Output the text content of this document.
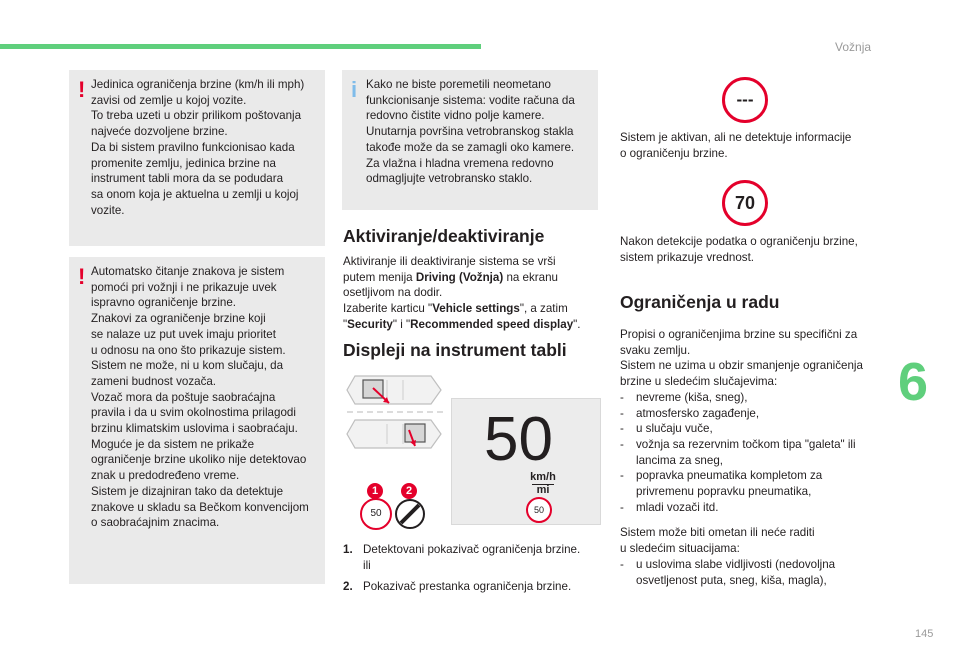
Vožnja
6
145
! Jedinica ograničenja brzine (km/h ili mph)

zavisi od zemlje u kojoj vozite.

To treba uzeti u obzir prilikom poštovanja

najveće dozvoljene brzine.

Da bi sistem pravilno funkcionisao kada

promenite zemlju, jedinica brzine na

instrument tabli mora da se podudara

sa onom koja je aktuelna u zemlji u kojoj

vozite.

! Automatsko čitanje znakova je sistem

pomoći pri vožnji i ne prikazuje uvek

ispravno ograničenje brzine.

Znakovi za ograničenje brzine koji

se nalaze uz put uvek imaju prioritet

u odnosu na ono što prikazuje sistem.

Sistem ne može, ni u kom slučaju, da

zameni budnost vozača.

Vozač mora da poštuje saobraćajna

pravila i da u svim okolnostima prilagodi

brzinu klimatskim uslovima i saobraćaju.

Moguće je da sistem ne prikaže

ograničenje brzine ukoliko nije detektovao

znak u predodređeno vreme.

Sistem je dizajniran tako da detektuje

znakove u skladu sa Bečkom konvencijom

o saobraćajnim znacima.

i Kako ne biste poremetili neometano

funkcionisanje sistema: vodite računa da

redovno čistite vidno polje kamere.

Unutarnja površina vetrobranskog stakla

takođe može da se zamagli oko kamere.

Za vlažna i hladna vremena redovno

odmagljujte vetrobransko staklo.

Aktiviranje/deaktiviranje

Aktiviranje ili deaktiviranje sistema se vrši

putem menija Driving (Vožnja) na ekranu

osetljivom na dodir.

Izaberite karticu "Vehicle settings", a zatim

"Security" i "Recommended speed display".

Displeji na instrument tabli
1	2
50
50
km/h
mi
50
1. Detektovani pokazivač ograničenja brzine.
ili
2. Pokazivač prestanka ograničenja brzine.
---

Sistem je aktivan, ali ne detektuje informacije

o ograničenju brzine.

70

Nakon detekcije podatka o ograničenju brzine,

sistem prikazuje vrednost.

Ograničenja u radu

Propisi o ograničenjima brzine su specifični za

svaku zemlju.

Sistem ne uzima u obzir smanjenje ograničenja

brzine u sledećim slučajevima:

- nevreme (kiša, sneg),
- atmosfersko zagađenje,
- u slučaju vuče,
- vožnja sa rezervnim točkom tipa "galeta" ili
lancima za sneg,
- popravka pneumatika kompletom za
privremenu popravku pneumatika,
- mladi vozači itd.

Sistem može biti ometan ili neće raditi

u sledećim situacijama:

- u uslovima slabe vidljivosti (nedovoljna
osvetljenost puta, sneg, kiša, magla),
